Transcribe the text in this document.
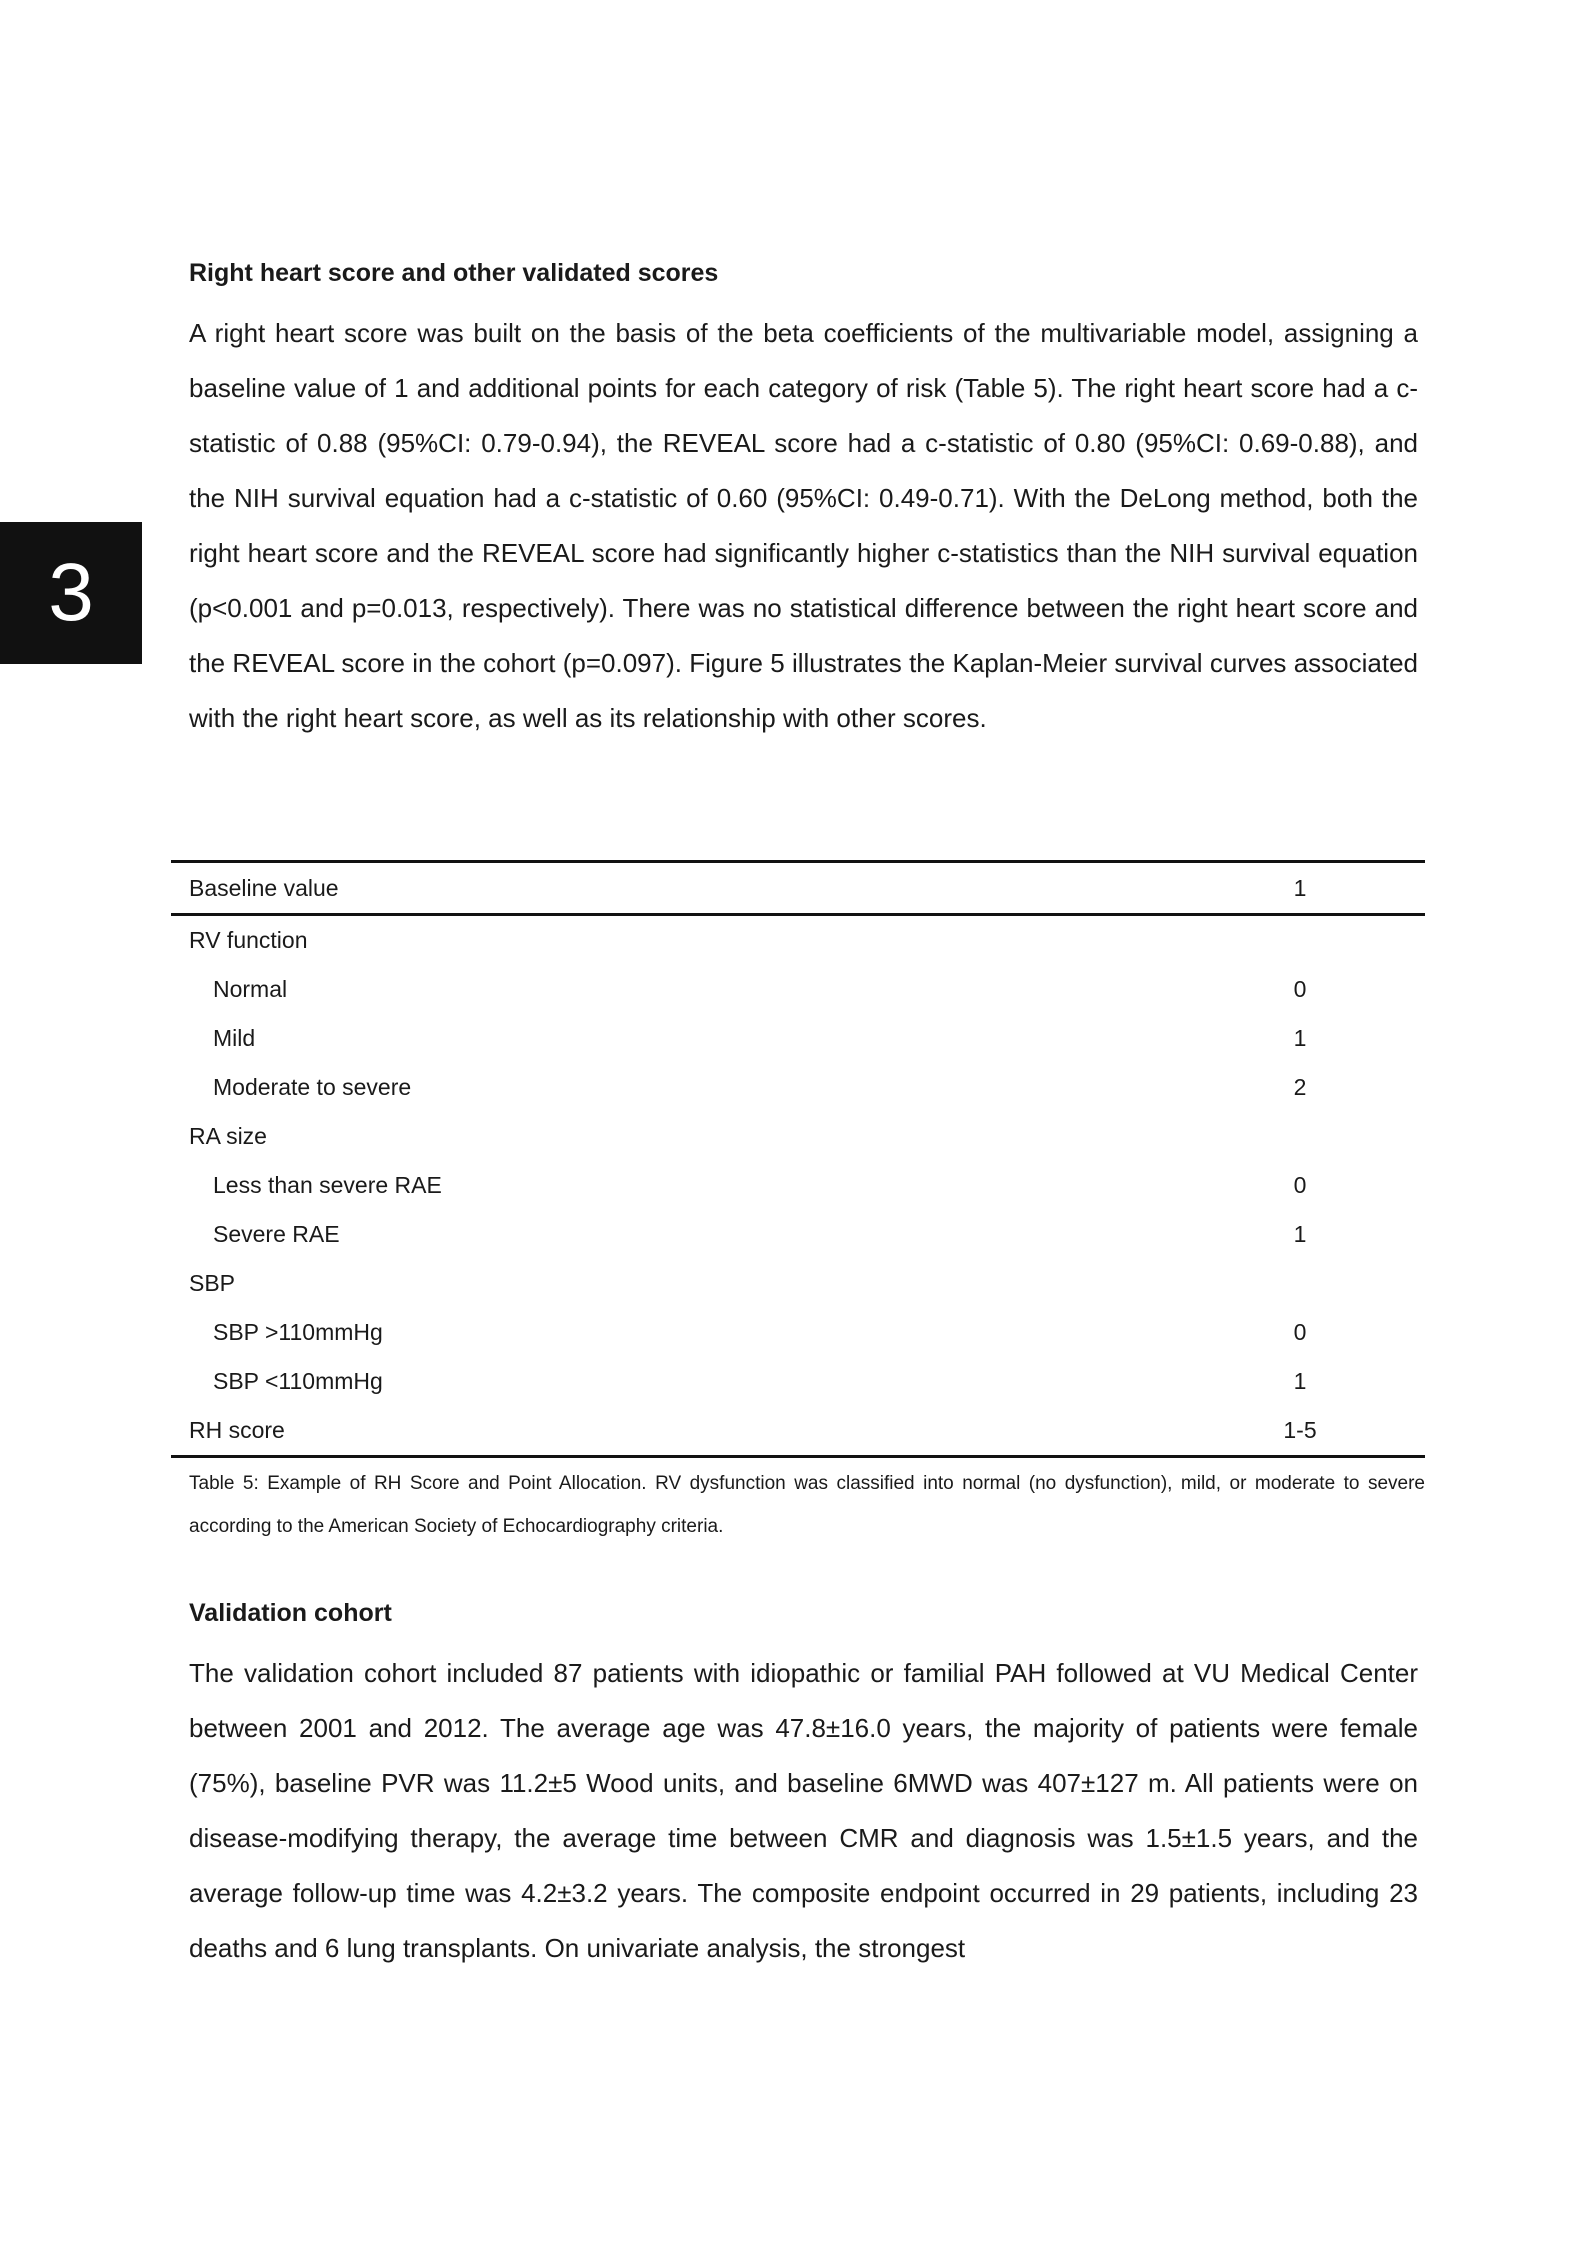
3
Right heart score and other validated scores

A right heart score was built on the basis of the beta coefficients of the multivariable model, assigning a baseline value of 1 and additional points for each category of risk (Table 5). The right heart score had a c-statistic of 0.88 (95%CI: 0.79-0.94), the REVEAL score had a c-statistic of 0.80 (95%CI: 0.69-0.88), and the NIH survival equation had a c-statistic of 0.60 (95%CI: 0.49-0.71). With the DeLong method, both the right heart score and the REVEAL score had significantly higher c-statistics than the NIH survival equation (p<0.001 and p=0.013, respectively). There was no statistical difference between the right heart score and the REVEAL score in the cohort (p=0.097). Figure 5 illustrates the Kaplan-Meier survival curves associated with the right heart score, as well as its relationship with other scores.

Baseline value	1
RV function	
Normal	0
Mild	1
Moderate to severe	2
RA size	
Less than severe RAE	0
Severe RAE	1
SBP	
SBP >110mmHg	0
SBP <110mmHg	1
RH score	1-5
Table 5: Example of RH Score and Point Allocation. RV dysfunction was classified into normal (no dysfunction), mild, or moderate to severe according to the American Society of Echocardiography criteria.
Validation cohort

The validation cohort included 87 patients with idiopathic or familial PAH followed at VU Medical Center between 2001 and 2012. The average age was 47.8±16.0 years, the majority of patients were female (75%), baseline PVR was 11.2±5 Wood units, and baseline 6MWD was 407±127 m. All patients were on disease-modifying therapy, the average time between CMR and diagnosis was 1.5±1.5 years, and the average follow-up time was 4.2±3.2 years. The composite endpoint occurred in 29 patients, including 23 deaths and 6 lung transplants. On univariate analysis, the strongest
